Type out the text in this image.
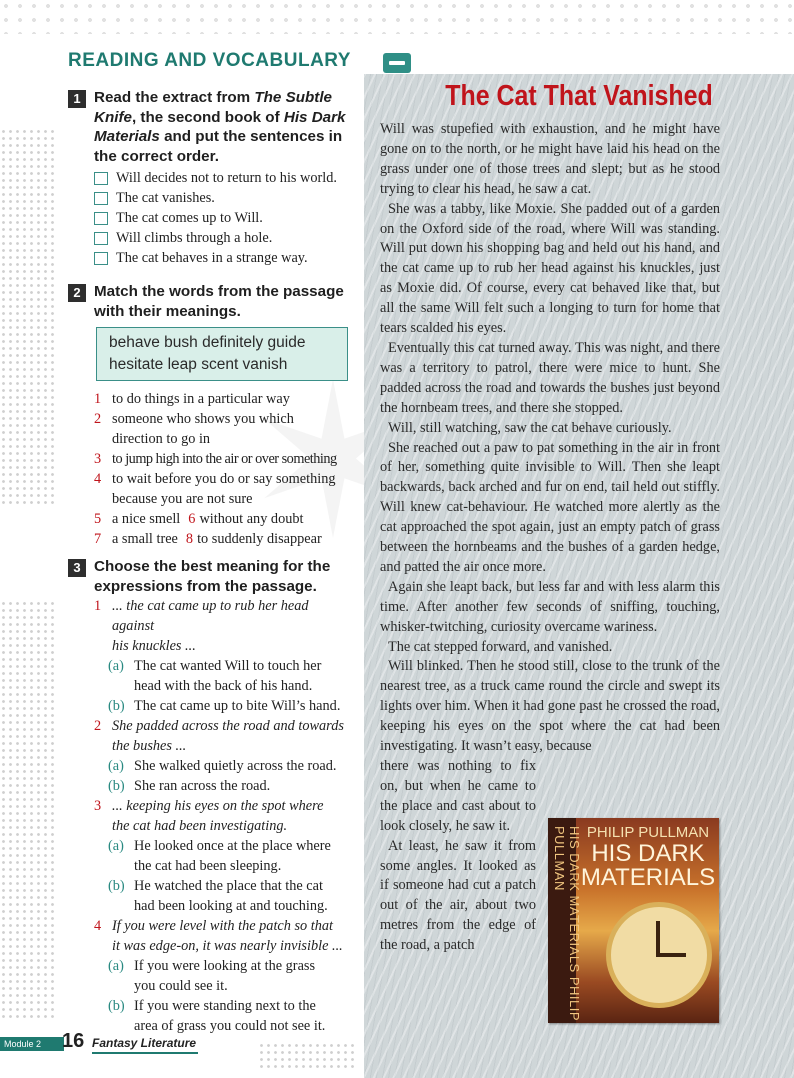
READING AND VOCABULARY
The Cat That Vanished

Will was stupefied with exhaustion, and he might have gone on to the north, or he might have laid his head on the grass under one of those trees and slept; but as he stood trying to clear his head, he saw a cat.

She was a tabby, like Moxie. She padded out of a garden on the Oxford side of the road, where Will was standing. Will put down his shopping bag and held out his hand, and the cat came up to rub her head against his knuckles, just as Moxie did. Of course, every cat behaved like that, but all the same Will felt such a longing to turn for home that tears scalded his eyes.

Eventually this cat turned away. This was night, and there was a territory to patrol, there were mice to hunt. She padded across the road and towards the bushes just beyond the hornbeam trees, and there she stopped.

Will, still watching, saw the cat behave curiously.

She reached out a paw to pat something in the air in front of her, something quite invisible to Will. Then she leapt backwards, back arched and fur on end, tail held out stiffly. Will knew cat-behaviour. He watched more alertly as the cat approached the spot again, just an empty patch of grass between the hornbeams and the bushes of a garden hedge, and patted the air once more.

Again she leapt back, but less far and with less alarm this time. After another few seconds of sniffing, touching, whisker-twitching, curiosity overcame wariness.

The cat stepped forward, and vanished.

Will blinked. Then he stood still, close to the trunk of the nearest tree, as a truck came round the circle and swept its lights over him. When it had gone past he crossed the road, keeping his eyes on the spot where the cat had been investigating. It wasn’t easy, because

there was nothing to fix on, but when he came to the place and cast about to look closely, he saw it.

At least, he saw it from some angles. It looked as if someone had cut a patch out of the air, about two metres from the edge of the road, a patch	HIS DARK MATERIALS PHILIP PULLMAN	PHILIP PULLMAN
HIS DARK
MATERIALS
1 Read the extract from The Subtle Knife, the second book of His Dark Materials and put the sentences in the correct order.
Will decides not to return to his world.
The cat vanishes.
The cat comes up to Will.
Will climbs through a hole.
The cat behaves in a strange way.
2 Match the words from the passage with their meanings.
behave bush definitely guide
hesitate leap scent vanish
1 to do things in a particular way
2 someone who shows you which
direction to go in
3 to jump high into the air or over something
4 to wait before you do or say something
because you are not sure
5 a nice smell 6 without any doubt
7 a small tree 8 to suddenly disappear
3 Choose the best meaning for the expressions from the passage.
1 ... the cat came up to rub her head against
his knuckles ...
(a) The cat wanted Will to touch her
head with the back of his hand.
(b) The cat came up to bite Will’s hand.
2 She padded across the road and towards
the bushes ...
(a) She walked quietly across the road.
(b) She ran across the road.
3 ... keeping his eyes on the spot where
the cat had been investigating.
(a) He looked once at the place where
the cat had been sleeping.
(b) He watched the place that the cat
had been looking at and touching.
4 If you were level with the patch so that
it was edge-on, it was nearly invisible ...
(a) If you were looking at the grass
you could see it.
(b) If you were standing next to the
area of grass you could not see it.
Module 2	16 Fantasy Literature
